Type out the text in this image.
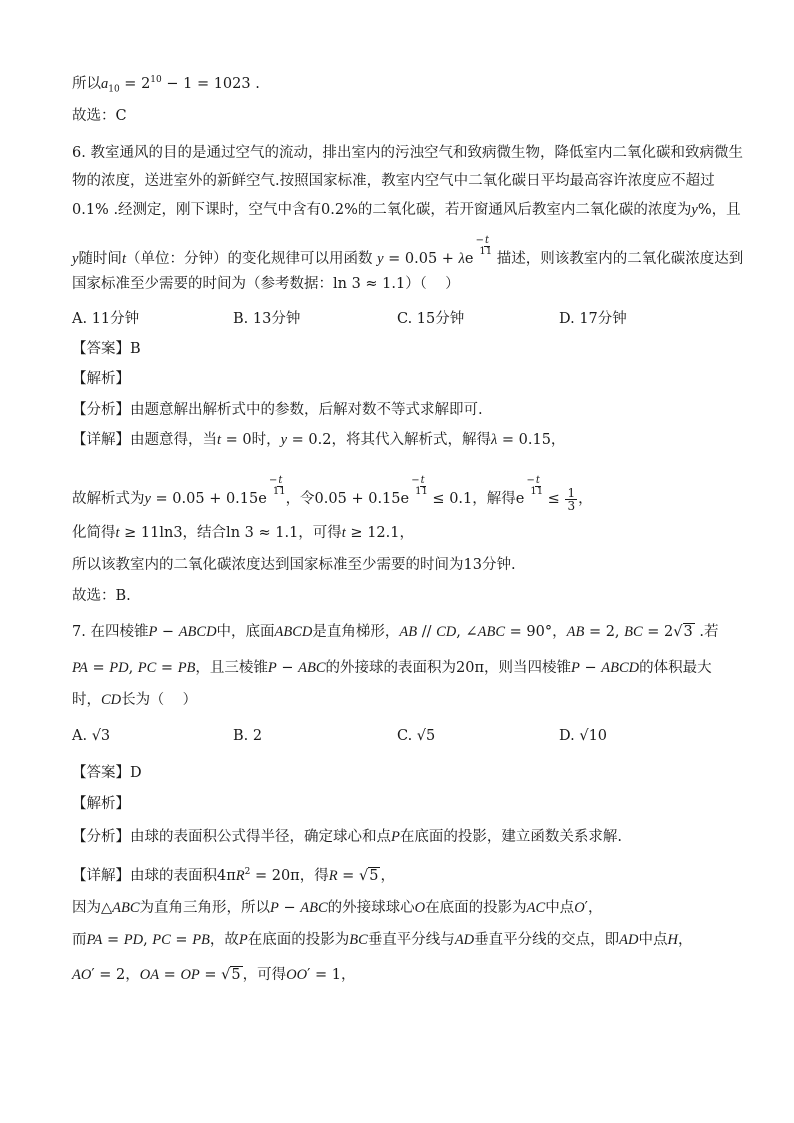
所以$a_{10} = 2^{10} - 1 = 1023$ .
故选：C
6. 教室通风的目的是通过空气的流动，排出室内的污浊空气和致病微生物，降低室内二氧化碳和致病微生
物的浓度，送进室外的新鲜空气.按照国家标准，教室内空气中二氧化碳日平均最高容许浓度应不超过
0.1% .经测定，刚下课时，空气中含有0.2%的二氧化碳，若开窗通风后教室内二氧化碳的浓度为y%，且
y随时间t（单位：分钟）的变化规律可以用函数 $y = 0.05 + \lambda e^{-t 11}$ 描述，则该教室内的二氧化碳浓度达到
国家标准至少需要的时间为（参考数据：ln 3 ≈ 1.1）（　 ）
A. 11分钟	B. 13分钟	C. 15分钟	D. 17分钟
【答案】B
【解析】
【分析】由题意解出解析式中的参数，后解对数不等式求解即可.
【详解】由题意得，当t = 0时，y = 0.2，将其代入解析式，解得λ = 0.15，
故解析式为$y = 0.05 + 0.15e^{-t 11}$ ，令$0.05 + 0.15e^{-t 11} \le 0.1$，解得$e^{-t 11} \le \frac{1}{3}$ ，
化简得t ≥ 11ln3，结合ln 3 ≈ 1.1，可得t ≥ 12.1，
所以该教室内的二氧化碳浓度达到国家标准至少需要的时间为13分钟.
故选：B.
7. 在四棱锥P − ABCD中，底面ABCD是直角梯形，AB // CD, ∠ABC = 90°，AB = 2, BC = 2√3 .若
PA = PD, PC = PB，且三棱锥P − ABC的外接球的表面积为20π，则当四棱锥P − ABCD的体积最大
时，CD长为（　 ）
A. √3	B. 2	C. √5	D. √10
【答案】D
【解析】
【分析】由球的表面积公式得半径，确定球心和点P在底面的投影，建立函数关系求解.
【详解】由球的表面积$4\pi R^2 = 20\pi$，得R = √5 ，
因为△ABC为直角三角形，所以P − ABC的外接球球心O在底面的投影为AC中点O′，
而PA = PD, PC = PB，故P在底面的投影为BC垂直平分线与AD垂直平分线的交点，即AD中点H，
AO′ = 2，OA = OP = √5 ，可得OO′ = 1，
